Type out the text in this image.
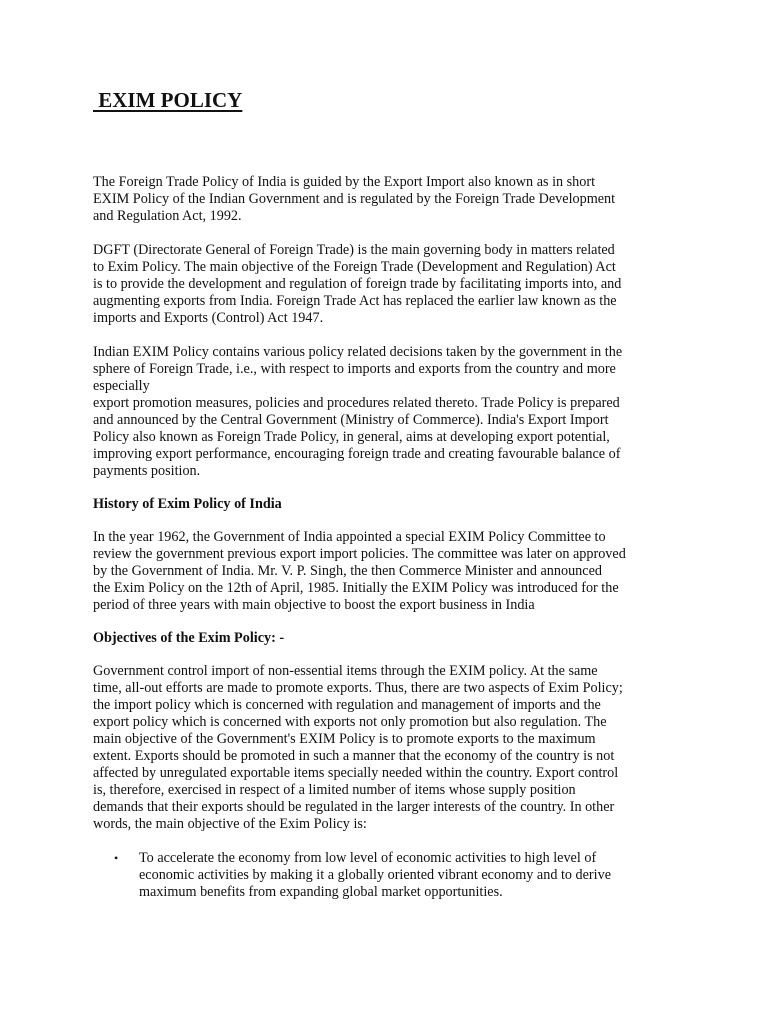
EXIM POLICY

The Foreign Trade Policy of India is guided by the Export Import also known as in short
EXIM Policy of the Indian Government and is regulated by the Foreign Trade Development
and Regulation Act, 1992.

DGFT (Directorate General of Foreign Trade) is the main governing body in matters related
to Exim Policy. The main objective of the Foreign Trade (Development and Regulation) Act
is to provide the development and regulation of foreign trade by facilitating imports into, and
augmenting exports from India. Foreign Trade Act has replaced the earlier law known as the
imports and Exports (Control) Act 1947.

Indian EXIM Policy contains various policy related decisions taken by the government in the
sphere of Foreign Trade, i.e., with respect to imports and exports from the country and more
especially
export promotion measures, policies and procedures related thereto. Trade Policy is prepared
and announced by the Central Government (Ministry of Commerce). India's Export Import
Policy also known as Foreign Trade Policy, in general, aims at developing export potential,
improving export performance, encouraging foreign trade and creating favourable balance of
payments position.

History of Exim Policy of India

In the year 1962, the Government of India appointed a special EXIM Policy Committee to
review the government previous export import policies. The committee was later on approved
by the Government of India. Mr. V. P. Singh, the then Commerce Minister and announced
the Exim Policy on the 12th of April, 1985. Initially the EXIM Policy was introduced for the
period of three years with main objective to boost the export business in India

Objectives of the Exim Policy: -

Government control import of non-essential items through the EXIM policy. At the same
time, all-out efforts are made to promote exports. Thus, there are two aspects of Exim Policy;
the import policy which is concerned with regulation and management of imports and the
export policy which is concerned with exports not only promotion but also regulation. The
main objective of the Government's EXIM Policy is to promote exports to the maximum
extent. Exports should be promoted in such a manner that the economy of the country is not
affected by unregulated exportable items specially needed within the country. Export control
is, therefore, exercised in respect of a limited number of items whose supply position
demands that their exports should be regulated in the larger interests of the country. In other
words, the main objective of the Exim Policy is:

• To accelerate the economy from low level of economic activities to high level of
economic activities by making it a globally oriented vibrant economy and to derive
maximum benefits from expanding global market opportunities.
